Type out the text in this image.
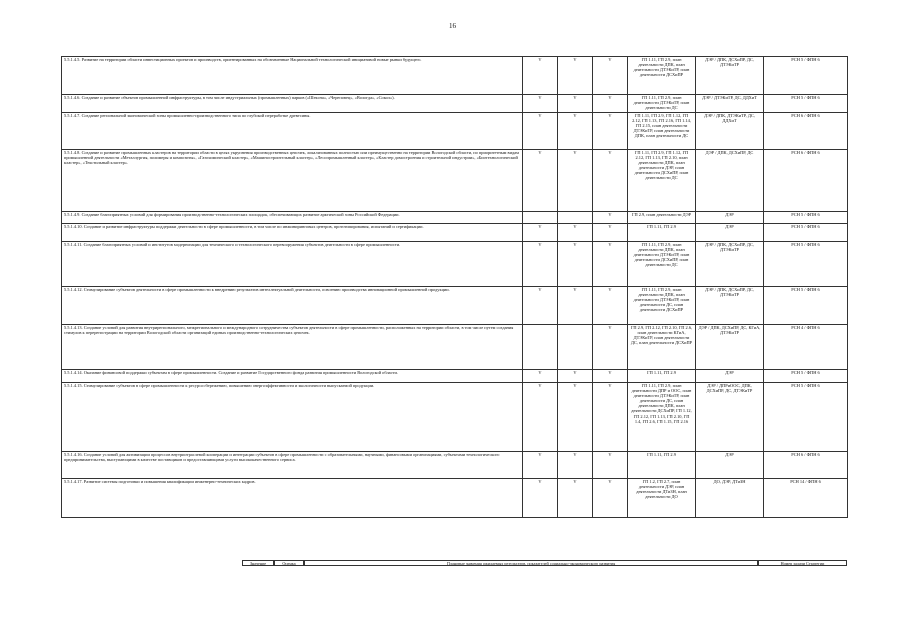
16
5.5.1.4.5. Развитие на территории области инвестиционных проектов и производств, ориентированных на обозначенные Национальной технологической инициативой новые рынки будущего.	V	V	V	ГП 1.11, ГП 2.9, план деятельности ДПК, план деятельности ДТЭКиТР, план деятельности ДСХиПР	ДЭР / ДПК, ДСХиПР, ДС, ДТЭКиТР	РСН 5 / ФПН 6
5.5.1.4.6. Создание и развитие объектов промышленной инфраструктуры, в том числе индустриальных (промышленных) парков («Шексна», «Череповец», «Вологда», «Сокол»).	V	V	V	ГП 1.11, ГП 2.9, план деятельности ДТЭКиТР, план деятельности ДС	ДЭР / ДТЭКиТР, ДС, ДДХиТ	РСН 5 / ФПН 6
5.5.1.4.7. Создание региональной экономической зоны промышленно-производственного типа по глубокой переработке древесины.	V	V	V	ГП 1.11, ГП 2.9, ГП 1.12, ГП 2.12, ГП 1.13, ГП 2.16, ГП 1.14, ГП 2.15, план деятельности ДТЭКиТР, план деятельности ДПК, план деятельности ДС	ДЭР / ДПК, ДТЭКиТР, ДС, ДДХиТ	РСН 6 / ФПН 6
5.5.1.4.8. Создание и развитие промышленных кластеров на территории области в целях укрупнения производственных цепочек, локализованных полностью или преимущественно на территории Вологодской области, по приоритетным видам промышленной деятельности «Металлургия, полимеры и композиты», «Газохимический кластер», «Машиностроительный кластер», «Лесопромышленный кластер», «Кластер домостроения и строительной индустрии», «Биотехнологический кластер», «Текстильный кластер».	V	V	V	ГП 1.11, ГП 2.9, ГП 1.12, ГП 2.12, ГП 1.13, ГП 2.10, план деятельности ДПК, план деятельности ДЭР, план деятельности ДСХиПР, план деятельности ДС	ДЭР / ДПК, ДСХиПР, ДС	РСН 6 / ФПН 6
5.5.1.4.9. Создание благоприятных условий для формирования производственно-технологических площадок, обеспечивающих развитие арктической зоны Российской Федерации.			V	ГП 2.9, план деятельности ДЭР	ДЭР	РСН 5 / ФПН 6
5.5.1.4.10. Создание и развитие инфраструктуры поддержки деятельности в сфере промышленности, в том числе по инжиниринговых центров, прототипирования, испытаний и сертификации.	V	V	V	ГП 1.11, ГП 2.9	ДЭР	РСН 5 / ФПН 6
5.5.1.4.11. Создание благоприятных условий и институтов модернизации для технического и технологического перевооружения субъектов деятельности в сфере промышленности.	V	V	V	ГП 1.11, ГП 2.9, план деятельности ДПК, план деятельности ДТЭКиТР, план деятельности ДСХиПР, план деятельности ДС	ДЭР / ДПК, ДСХиПР, ДС, ДТЭКиТР	РСН 5 / ФПН 6
5.5.1.4.12. Стимулирование субъектов деятельности в сфере промышленности к внедрению результатов интеллектуальной деятельности, освоению производства инновационной промышленной продукции.	V	V	V	ГП 1.11, ГП 2.9, план деятельности ДПК, план деятельности ДТЭКиТР, план деятельности ДС, план деятельности ДСХиПР	ДЭР / ДПК, ДСХиПР, ДС, ДТЭКиТР	РСН 5 / ФПН 6
5.5.1.4.13. Создание условий для развития внутрирегионального, межрегионального и международного сотрудничества субъектов деятельности в сфере промышленности, расположенных на территории области, в том числе путем создания стимулов к перерегистрации на территории Вологодской области организаций единых производственно-технологических цепочек.			V	ГП 2.9, ГП 2.12, ГП 2.10, ГП 2.6, план деятельности КГиА, ДТЭКиТР, план деятельности ДС, план деятельности ДСХиПР	ДЭР / ДПК, ДСХиПР, ДС, КГиА, ДТЭКиТР	РСН 4 / ФПН 6
5.5.1.4.14. Оказание финансовой поддержки субъектам в сфере промышленности. Создание и развитие Государственного фонда развития промышленности Вологодской области.	V	V	V	ГП 1.11, ГП 2.9	ДЭР	РСН 5 / ФПН 6
5.5.1.4.15. Стимулирование субъектов в сфере промышленности к ресурсосбережению, повышению энергоэффективности и экологичности выпускаемой продукции.	V	V	V	ГП 1.11, ГП 2.9, план деятельности ДПР и ООС, план деятельности ДТЭКиТР, план деятельности ДС, план деятельности ДПК, план деятельности ДСХиПР, ГП 1.12, ГП 2.12, ГП 1.13, ГП 2.10, ГП 1.4, ГП 2.6, ГП 1.15, ГП 2.16	ДЭР / ДПРиООС, ДПК, ДСХиПР, ДС, ДТЭКиТР	РСН 5 / ФПН 6
5.5.1.4.16. Создание условий для активизации процессов внутриотраслевой кооперации и интеграции субъектов в сфере промышленности с образовательными, научными, финансовыми организациями, субъектами технологического предпринимательства, выступающими в качестве поставщиков и предоставляющими услуги высококачественного сервиса.	V	V	V	ГП 1.11, ГП 2.9	ДЭР	РСН 6 / ФПН 6
5.5.1.4.17. Развитие системы подготовки и повышения квалификации инженерно-технических кадров.	V	V	V	ГП 1.2, ГП 2.7, план деятельности ДЭР, план деятельности ДТиЗН, план деятельности ДО	ДО, ДЭР, ДТиЗН	РСН 14 / ФПН 6
Значение	Оценка	Плановые значения ожидаемых результатов, показателей социально-экономического развития	Номер задачи Стратегии
